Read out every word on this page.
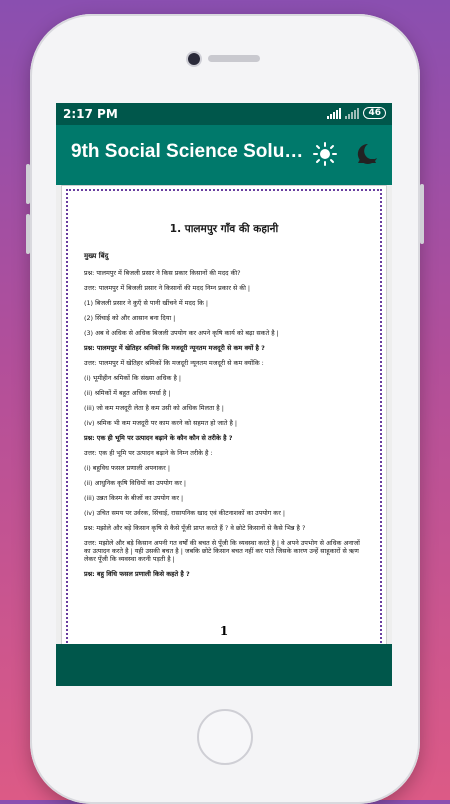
2:17 PM	46
9th Social Science Solu…
1. पालमपुर गाँव की कहानी
मुख्य बिंदु
प्रश्न: पालमपुर में बिजली प्रसार ने किस प्रकार किसानों की मदद की?
उत्तर: पालमपुर में बिजली प्रसार ने किसानों की मदद निम्न प्रकार से की |
(1) बिजली प्रसार ने कुएँ से पानी खींचने में मदद कि |
(2) सिंचाई को और आसान बना दिया |
(3) अब वे अधिक से अधिक बिजली उपयोग कर अपने कृषि कार्य को बढ़ा सकते है |
प्रश्न: पालमपुर में खेतिहर श्रमिकों कि मजदूरी न्यूनतम मजदूरी से कम क्यों है ?
उत्तर: पालमपुर में खेतिहर श्रमिकों कि मजदूरी न्यूनतम मजदूरी से कम क्योंकि :
(i) भूमीहीन श्रमिकों कि संख्या अधिक है |
(ii) श्रमिकों में बहुत अधिक स्पर्धा है |
(iii) जो कम मजदूरी लेता है कम उसी को अधिक मिलता है |
(iv) श्रमिक भी कम मजदूरी पर काम करने को सहमत हो जाते है |
प्रश्न: एक ही भूमि पर उत्पादन बढ़ाने के कौन कौन से तरीके है ?
उत्तर: एक ही भूमि पर उत्पादन बढ़ाने के निम्न तरीके है :
(i) बहुविध फसल प्रणाली अपनाकर |
(ii) आधुनिक कृषि विधियों का उपयोग कर |
(iii) उन्नत किस्म के बीजों का उपयोग कर |
(iv) उचित समय पर उर्वरक, सिंचाई, रासायनिक खाद एवं कीटनाशकों का उपयोग कर |
प्रश्न: मझोले और बड़े किसान कृषि से कैसे पूँजी प्राप्त करते हैं ? वे छोटे किसानों से कैसे भिन्न है ?
उत्तर: मझोले और बड़े किसान अपनी गत वर्षों की बचत से पूँजी कि व्यवस्था करते है | वे अपने उपभोग से अधिक अनाजों का उत्पादन करते है | यही उसकी बचत है | जबकि छोटे किसान बचत नहीं कर पाते जिसके कारण उन्हें साहूकारों से ऋण लेकर पूँजी कि व्यवस्था करनी पड़ती है |
प्रश्न: बहु विधि फसल प्रणाली किसे कहते है ?
1
